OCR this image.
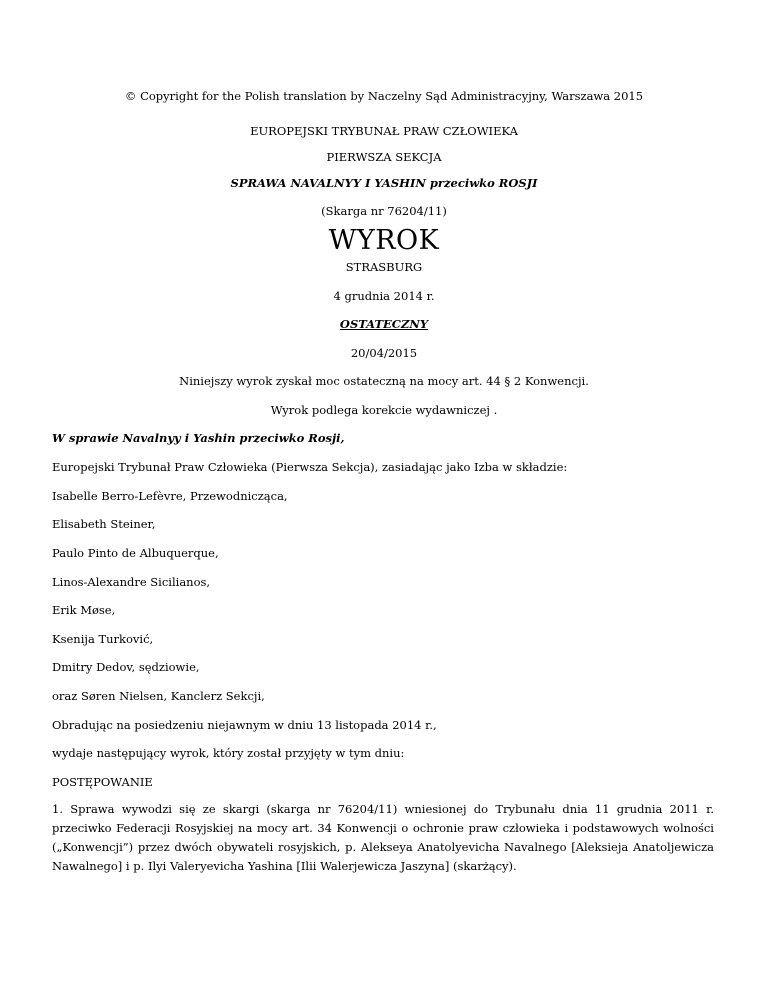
© Copyright for the Polish translation by Naczelny Sąd Administracyjny, Warszawa 2015
EUROPEJSKI TRYBUNAŁ PRAW CZŁOWIEKA
PIERWSZA SEKCJA
SPRAWA NAVALNYY I YASHIN przeciwko ROSJI
(Skarga nr 76204/11)
WYROK
STRASBURG
4 grudnia 2014 r.
OSTATECZNY
20/04/2015
Niniejszy wyrok zyskał moc ostateczną na mocy art. 44 § 2 Konwencji.
Wyrok podlega korekcie wydawniczej .
W sprawie Navalnyy i Yashin przeciwko Rosji,
Europejski Trybunał Praw Człowieka (Pierwsza Sekcja), zasiadając jako Izba w składzie:
Isabelle Berro-Lefèvre, Przewodnicząca,
Elisabeth Steiner,
Paulo Pinto de Albuquerque,
Linos-Alexandre Sicilianos,
Erik Møse,
Ksenija Turković,
Dmitry Dedov, sędziowie,
oraz Søren Nielsen, Kanclerz Sekcji,
Obradując na posiedzeniu niejawnym w dniu 13 listopada 2014 r.,
wydaje następujący wyrok, który został przyjęty w tym dniu:
POSTĘPOWANIE
1. Sprawa wywodzi się ze skargi (skarga nr 76204/11) wniesionej do Trybunału dnia 11 grudnia 2011 r. przeciwko Federacji Rosyjskiej na mocy art. 34 Konwencji o ochronie praw człowieka i podstawowych wolności („Konwencji”) przez dwóch obywateli rosyjskich, p. Alekseya Anatolyevicha Navalnego [Aleksieja Anatoljewicza Nawalnego] i p. Ilyi Valeryevicha Yashina [Ilii Walerjewicza Jaszyna] (skarżący).
